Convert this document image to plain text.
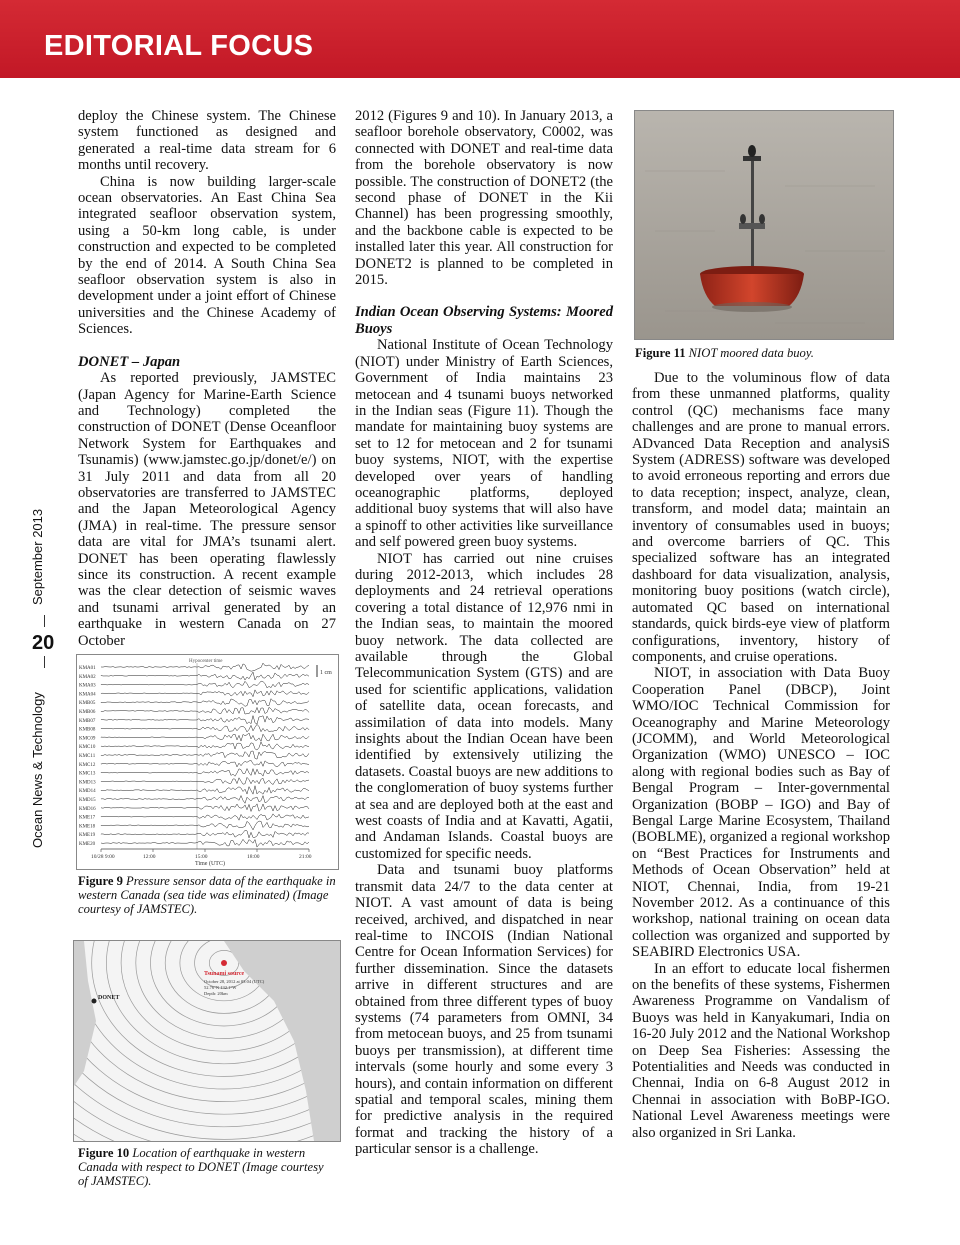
EDITORIAL FOCUS
Ocean News & Technology
20
September 2013

deploy the Chinese system. The Chinese system functioned as designed and generated a real-time data stream for 6 months until recovery.

China is now building larger-scale ocean observatories. An East China Sea integrated seafloor observation system, using a 50-km long cable, is under construction and expected to be completed by the end of 2014. A South China Sea seafloor observation system is also in development under a joint effort of Chinese universities and the Chinese Academy of Sciences.

DONET – Japan

As reported previously, JAMSTEC (Japan Agency for Marine-Earth Science and Technology) completed the construction of DONET (Dense Oceanfloor Network System for Earthquakes and Tsunamis) (www.jamstec.go.jp/donet/e/) on 31 July 2011 and data from all 20 observatories are transferred to JAMSTEC and the Japan Meteorological Agency (JMA) in real-time. The pressure sensor data are vital for JMA’s tsunami alert. DONET has been operating flawlessly since its construction. A recent example was the clear detection of seismic waves and tsunami arrival generated by an earthquake in western Canada on 27 October

Hypocenter time
KMA01
KMA02
KMA03
KMA04
KMB05
KMB06
KMB07
KMB08
KMC09
KMC10
KMC11
KMC12
KMC13
KMD13
KMD14
KMD15
KMD16
KME17
KME18
KME19
KME20
10/28 9:00	12:00	15:00	18:00	21:00
Time (UTC)
1 cm
Figure 9 Pressure sensor data of the earthquake in western Canada (sea tide was eliminated) (Image courtesy of JAMSTEC).
Tsunami source
October 28, 2012 at 03:04 (UTC)
52.76°N 132.1°W
Depth: 20km
DONET
Figure 10 Location of earthquake in western Canada with respect to DONET (Image courtesy of JAMSTEC).

2012 (Figures 9 and 10). In January 2013, a seafloor borehole observatory, C0002, was connected with DONET and real-time data from the borehole observatory is now possible. The construction of DONET2 (the second phase of DONET in the Kii Channel) has been progressing smoothly, and the backbone cable is expected to be installed later this year. All construction for DONET2 is planned to be completed in 2015.

Indian Ocean Observing Systems: Moored Buoys

National Institute of Ocean Technology (NIOT) under Ministry of Earth Sciences, Government of India maintains 23 metocean and 4 tsunami buoys networked in the Indian seas (Figure 11). Though the mandate for maintaining buoy systems are set to 12 for metocean and 2 for tsunami buoy systems, NIOT, with the expertise developed over years of handling oceanographic platforms, deployed additional buoy systems that will also have a spinoff to other activities like surveillance and self powered green buoy systems.

NIOT has carried out nine cruises during 2012-2013, which includes 28 deployments and 24 retrieval operations covering a total distance of 12,976 nmi in the Indian seas, to maintain the moored buoy network. The data collected are available through the Global Telecommunication System (GTS) and are used for scientific applications, validation of satellite data, ocean forecasts, and assimilation of data into models. Many insights about the Indian Ocean have been identified by extensively utilizing the datasets. Coastal buoys are new additions to the conglomeration of buoy systems further at sea and are deployed both at the east and west coasts of India and at Kavatti, Agatii, and Andaman Islands. Coastal buoys are customized for specific needs.

Data and tsunami buoy platforms transmit data 24/7 to the data center at NIOT. A vast amount of data is being received, archived, and dispatched in near real-time to INCOIS (Indian National Centre for Ocean Information Services) for further dissemination. Since the datasets arrive in different structures and are obtained from three different types of buoy systems (74 parameters from OMNI, 34 from metocean buoys, and 25 from tsunami buoys per transmission), at different time intervals (some hourly and some every 3 hours), and contain information on different spatial and temporal scales, mining them for predictive analysis in the required format and tracking the history of a particular sensor is a challenge.

Figure 11 NIOT moored data buoy.

Due to the voluminous flow of data from these unmanned platforms, quality control (QC) mechanisms face many challenges and are prone to manual errors. ADvanced Data Reception and analysiS System (ADRESS) software was developed to avoid erroneous reporting and errors due to data reception; inspect, analyze, clean, transform, and model data; maintain an inventory of consumables used in buoys; and overcome barriers of QC. This specialized software has an integrated dashboard for data visualization, analysis, monitoring buoy positions (watch circle), automated QC based on international standards, quick birds-eye view of platform configurations, inventory, history of components, and cruise operations.

NIOT, in association with Data Buoy Cooperation Panel (DBCP), Joint WMO/IOC Technical Commission for Oceanography and Marine Meteorology (JCOMM), and World Meteorological Organization (WMO) UNESCO – IOC along with regional bodies such as Bay of Bengal Program – Inter-governmental Organization (BOBP – IGO) and Bay of Bengal Large Marine Ecosystem, Thailand (BOBLME), organized a regional workshop on “Best Practices for Instruments and Methods of Ocean Observation” held at NIOT, Chennai, India, from 19-21 November 2012. As a continuance of this workshop, national training on ocean data collection was organized and supported by SEABIRD Electronics USA.

In an effort to educate local fishermen on the benefits of these systems, Fishermen Awareness Programme on Vandalism of Buoys was held in Kanyakumari, India on 16-20 July 2012 and the National Workshop on Deep Sea Fisheries: Assessing the Potentialities and Needs was conducted in Chennai, India on 6-8 August 2012 in Chennai in association with BoBP-IGO. National Level Awareness meetings were also organized in Sri Lanka.
